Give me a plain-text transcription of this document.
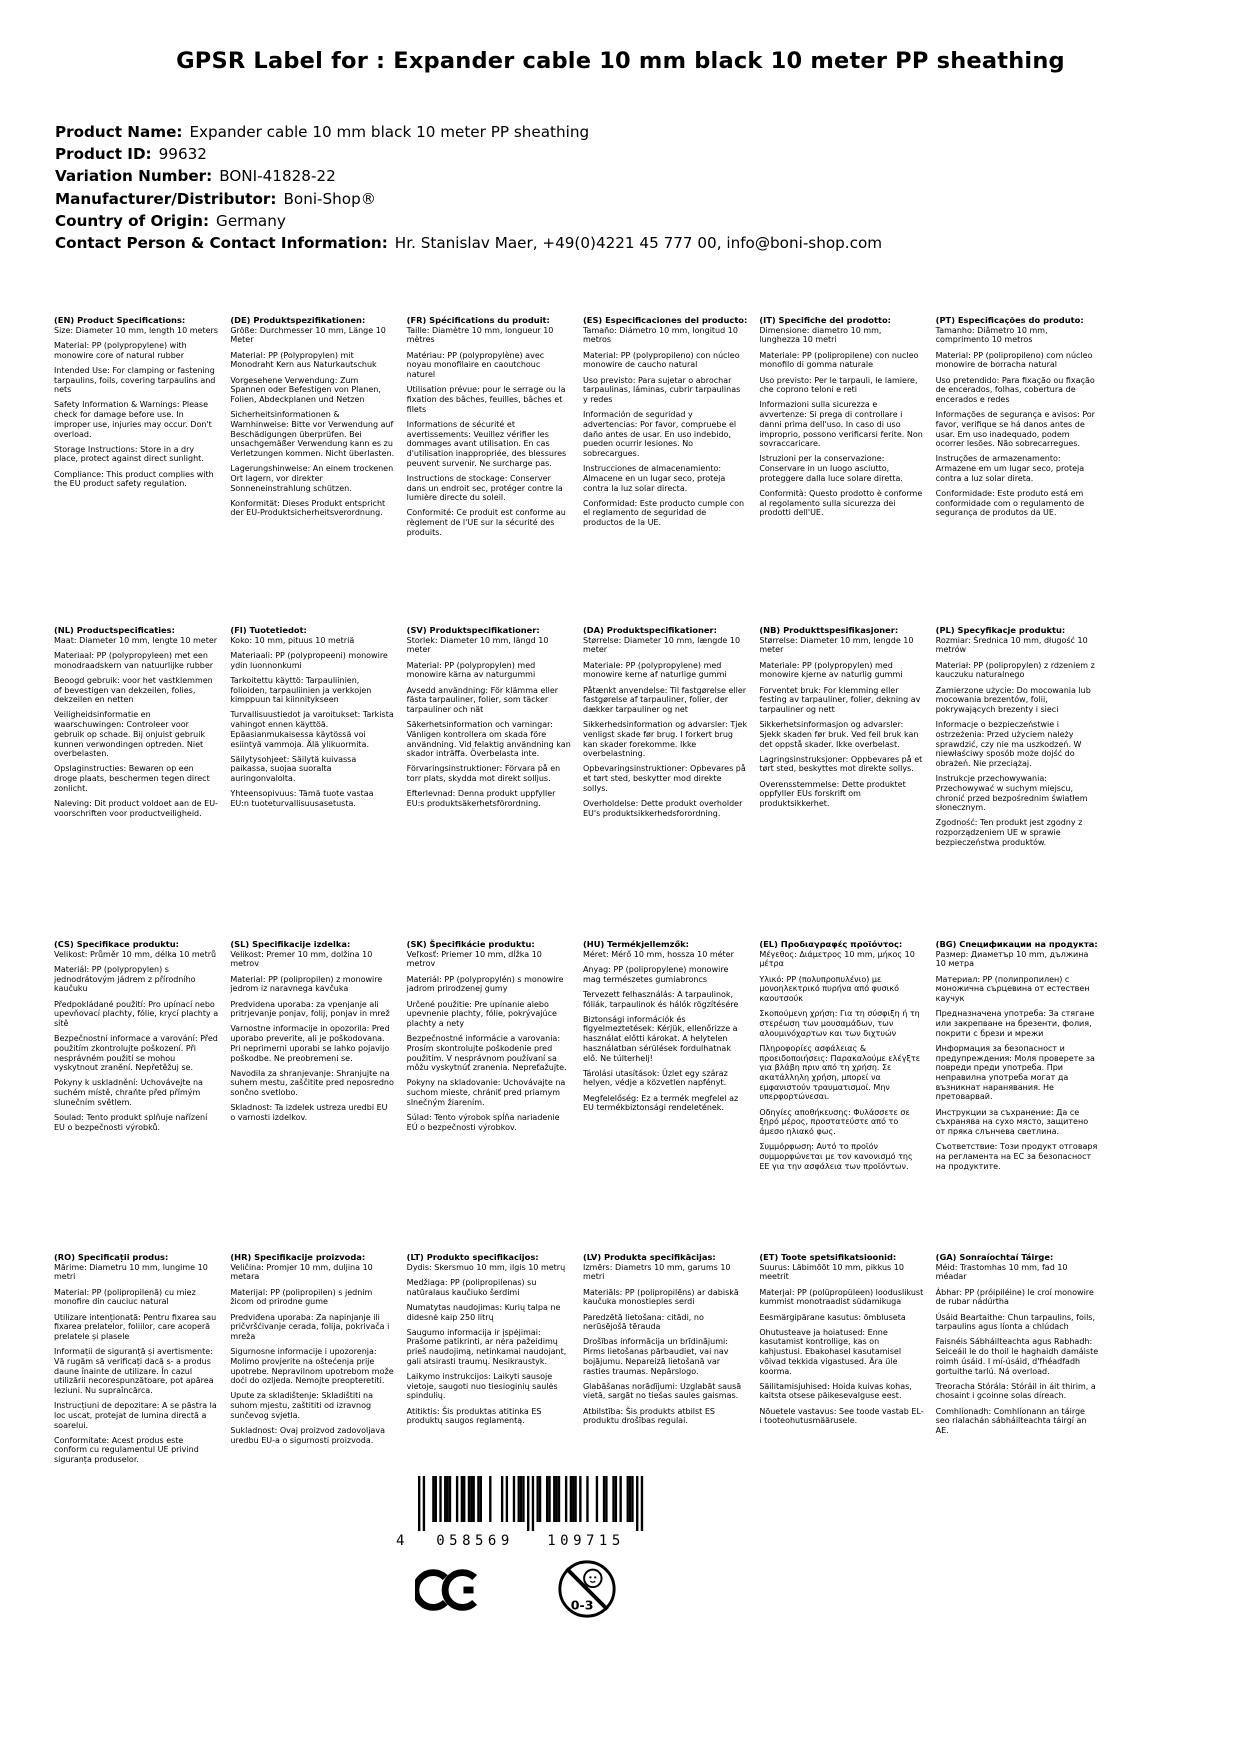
GPSR Label for : Expander cable 10 mm black 10 meter PP sheathing
Product Name: Expander cable 10 mm black 10 meter PP sheathing
Product ID: 99632
Variation Number: BONI-41828-22
Manufacturer/Distributor: Boni-Shop®
Country of Origin: Germany
Contact Person & Contact Information: Hr. Stanislav Maer, +49(0)4221 45 777 00, info@boni-shop.com
(EN) Product Specifications:
Size: Diameter 10 mm, length 10 meters
Material: PP (polypropylene) with monowire core of natural rubber
Intended Use: For clamping or fastening tarpaulins, foils, covering tarpaulins and nets
Safety Information & Warnings: Please check for damage before use. In improper use, injuries may occur. Don't overload.
Storage Instructions: Store in a dry place, protect against direct sunlight.
Compliance: This product complies with the EU product safety regulation.
(DE) Produktspezifikationen:
Größe: Durchmesser 10 mm, Länge 10 Meter
Material: PP (Polypropylen) mit Monodraht Kern aus Naturkautschuk
Vorgesehene Verwendung: Zum Spannen oder Befestigen von Planen, Folien, Abdeckplanen und Netzen
Sicherheitsinformationen & Warnhinweise: Bitte vor Verwendung auf Beschädigungen überprüfen. Bei unsachgemäßer Verwendung kann es zu Verletzungen kommen. Nicht überlasten.
Lagerungshinweise: An einem trockenen Ort lagern, vor direkter Sonneneinstrahlung schützen.
Konformität: Dieses Produkt entspricht der EU-Produktsicherheitsverordnung.
(FR) Spécifications du produit:
Taille: Diamètre 10 mm, longueur 10 mètres
Matériau: PP (polypropylène) avec noyau monofilaire en caoutchouc naturel
Utilisation prévue: pour le serrage ou la fixation des bâches, feuilles, bâches et filets
Informations de sécurité et avertissements: Veuillez vérifier les dommages avant utilisation. En cas d'utilisation inappropriée, des blessures peuvent survenir. Ne surcharge pas.
Instructions de stockage: Conserver dans un endroit sec, protéger contre la lumière directe du soleil.
Conformité: Ce produit est conforme au règlement de l'UE sur la sécurité des produits.
(ES) Especificaciones del producto:
Tamaño: Diámetro 10 mm, longitud 10 metros
Material: PP (polypropileno) con núcleo monowire de caucho natural
Uso previsto: Para sujetar o abrochar tarpaulinas, láminas, cubrir tarpaulinas y redes
Información de seguridad y advertencias: Por favor, compruebe el daño antes de usar. En uso indebido, pueden ocurrir lesiones. No sobrecargues.
Instrucciones de almacenamiento: Almacene en un lugar seco, proteja contra la luz solar directa.
Conformidad: Este producto cumple con el reglamento de seguridad de productos de la UE.
(IT) Specifiche del prodotto:
Dimensione: diametro 10 mm, lunghezza 10 metri
Materiale: PP (polipropilene) con nucleo monofilo di gomma naturale
Uso previsto: Per le tarpauli, le lamiere, che coprono teloni e reti
Informazioni sulla sicurezza e avvertenze: Si prega di controllare i danni prima dell'uso. In caso di uso improprio, possono verificarsi ferite. Non sovraccaricare.
Istruzioni per la conservazione: Conservare in un luogo asciutto, proteggere dalla luce solare diretta.
Conformità: Questo prodotto è conforme al regolamento sulla sicurezza dei prodotti dell'UE.
(PT) Especificações do produto:
Tamanho: Diâmetro 10 mm, comprimento 10 metros
Material: PP (polipropileno) com núcleo monowire de borracha natural
Uso pretendido: Para fixação ou fixação de encerados, folhas, cobertura de encerados e redes
Informações de segurança e avisos: Por favor, verifique se há danos antes de usar. Em uso inadequado, podem ocorrer lesões. Não sobrecarregues.
Instruções de armazenamento: Armazene em um lugar seco, proteja contra a luz solar direta.
Conformidade: Este produto está em conformidade com o regulamento de segurança de produtos da UE.
(NL) Productspecificaties:
Maat: Diameter 10 mm, lengte 10 meter
Materiaal: PP (polypropyleen) met een monodraadskern van natuurlijke rubber
Beoogd gebruik: voor het vastklemmen of bevestigen van dekzeilen, folies, dekzeilen en netten
Veiligheidsinformatie en waarschuwingen: Controleer voor gebruik op schade. Bij onjuist gebruik kunnen verwondingen optreden. Niet overbelasten.
Opslaginstructies: Bewaren op een droge plaats, beschermen tegen direct zonlicht.
Naleving: Dit product voldoet aan de EU-voorschriften voor productveiligheid.
(FI) Tuotetiedot:
Koko: 10 mm, pituus 10 metriä
Materiaali: PP (polypropeeni) monowire ydin luonnonkumi
Tarkoitettu käyttö: Tarpauliinien, folioiden, tarpauliinien ja verkkojen kimppuun tai kiinnitykseen
Turvallisuustiedot ja varoitukset: Tarkista vahingot ennen käyttöä. Epäasianmukaisessa käytössä voi esiintyä vammoja. Älä ylikuormita.
Säilytysohjeet: Säilytä kuivassa paikassa, suojaa suoralta auringonvalolta.
Yhteensopivuus: Tämä tuote vastaa EU:n tuoteturvallisuusasetusta.
(SV) Produktspecifikationer:
Storlek: Diameter 10 mm, längd 10 meter
Material: PP (polypropylen) med monowire kärna av naturgummi
Avsedd användning: För klämma eller fästa tarpauliner, folier, som täcker tarpauliner och nät
Säkerhetsinformation och varningar: Vänligen kontrollera om skada före användning. Vid felaktig användning kan skador inträffa. Överbelasta inte.
Förvaringsinstruktioner: Förvara på en torr plats, skydda mot direkt solljus.
Efterlevnad: Denna produkt uppfyller EU:s produktsäkerhetsförordning.
(DA) Produktspecifikationer:
Størrelse: Diameter 10 mm, længde 10 meter
Materiale: PP (polypropylene) med monowire kerne af naturlige gummi
Påtænkt anvendelse: Til fastgørelse eller fastgørelse af tarpauliner, folier, der dækker tarpauliner og net
Sikkerhedsinformation og advarsler: Tjek venligst skade før brug. I forkert brug kan skader forekomme. Ikke overbelastning.
Opbevaringsinstruktioner: Opbevares på et tørt sted, beskytter mod direkte sollys.
Overholdelse: Dette produkt overholder EU's produktsikkerhedsforordning.
(NB) Produkttspesifikasjoner:
Størrelse: Diameter 10 mm, lengde 10 meter
Materiale: PP (polypropylen) med monowire kjerne av naturlig gummi
Forventet bruk: For klemming eller festing av tarpauliner, folier, dekning av tarpauliner og nett
Sikkerhetsinformasjon og advarsler: Sjekk skaden før bruk. Ved feil bruk kan det oppstå skader. Ikke overbelast.
Lagringsinstruksjoner: Oppbevares på et tørt sted, beskyttes mot direkte sollys.
Overensstemmelse: Dette produktet oppfyller EUs forskrift om produktsikkerhet.
(PL) Specyfikacje produktu:
Rozmiar: Średnica 10 mm, długość 10 metrów
Materiał: PP (polipropylen) z rdzeniem z kauczuku naturalnego
Zamierzone użycie: Do mocowania lub mocowania brezentów, folii, pokrywających brezenty i sieci
Informacje o bezpieczeństwie i ostrzeżenia: Przed użyciem należy sprawdzić, czy nie ma uszkodzeń. W niewłaściwy sposób może dojść do obrażeń. Nie przeciążaj.
Instrukcje przechowywania: Przechowywać w suchym miejscu, chronić przed bezpośrednim światłem słonecznym.
Zgodność: Ten produkt jest zgodny z rozporządzeniem UE w sprawie bezpieczeństwa produktów.
(CS) Specifikace produktu:
Velikost: Průměr 10 mm, délka 10 metrů
Materiál: PP (polypropylen) s jednodrátovým jádrem z přírodního kaučuku
Předpokládané použití: Pro upínací nebo upevňovací plachty, fólie, krycí plachty a sítě
Bezpečnostní informace a varování: Před použitím zkontrolujte poškození. Při nesprávném použití se mohou vyskytnout zranění. Nepřetěžuj se.
Pokyny k uskladnění: Uchovávejte na suchém místě, chraňte před přímým slunečním světlem.
Soulad: Tento produkt splňuje nařízení EU o bezpečnosti výrobků.
(SL) Specifikacije izdelka:
Velikost: Premer 10 mm, dolžina 10 metrov
Material: PP (polipropilen) z monowire jedrom iz naravnega kavčuka
Predvidena uporaba: za vpenjanje ali pritrjevanje ponjav, folij, ponjav in mrež
Varnostne informacije in opozorila: Pred uporabo preverite, ali je poškodovana. Pri neprimerni uporabi se lahko pojavijo poškodbe. Ne preobremeni se.
Navodila za shranjevanje: Shranjujte na suhem mestu, zaščitite pred neposredno sončno svetlobo.
Skladnost: Ta izdelek ustreza uredbi EU o varnosti izdelkov.
(SK) Špecifikácie produktu:
Veľkosť: Priemer 10 mm, dĺžka 10 metrov
Materiál: PP (polypropylén) s monowire jadrom prirodzenej gumy
Určené použitie: Pre upínanie alebo upevnenie plachty, fólie, pokrývajúce plachty a nety
Bezpečnostné informácie a varovania: Prosím skontrolujte poškodenie pred použitím. V nesprávnom používaní sa môžu vyskytnúť zranenia. Nepreťažujte.
Pokyny na skladovanie: Uchovávajte na suchom mieste, chrániť pred priamym slnečným žiarením.
Súlad: Tento výrobok spĺňa nariadenie EÚ o bezpečnosti výrobkov.
(HU) Termékjellemzők:
Méret: Mérő 10 mm, hossza 10 méter
Anyag: PP (polipropylene) monowire mag természetes gumiabroncs
Tervezett felhasználás: A tarpaulinok, fóliák, tarpaulinok és hálók rögzítésére
Biztonsági információk és figyelmeztetések: Kérjük, ellenőrizze a használat előtti károkat. A helytelen használatban sérülések fordulhatnak elő. Ne túlterhelj!
Tárolási utasítások: Üzlet egy száraz helyen, védje a közvetlen napfényt.
Megfelelőség: Ez a termék megfelel az EU termékbiztonsági rendeletének.
(EL) Προδιαγραφές προϊόντος:
Μέγεθος: Διάμετρος 10 mm, μήκος 10 μέτρα
Υλικό: PP (πολυπροπυλένιο) με μονοηλεκτρικό πυρήνα από φυσικό καουτσούκ
Σκοπούμενη χρήση: Για τη σύσφιξη ή τη στερέωση των μουσαμάδων, των αλουμινόχαρτων και των διχτυών
Πληροφορίες ασφάλειας & προειδοποιήσεις: Παρακαλούμε ελέγξτε για βλάβη πριν από τη χρήση. Σε ακατάλληλη χρήση, μπορεί να εμφανιστούν τραυματισμοί. Μην υπερφορτώνεσαι.
Οδηγίες αποθήκευσης: Φυλάσσετε σε ξηρό μέρος, προστατεύστε από το άμεσο ηλιακό φως.
Συμμόρφωση: Αυτό το προϊόν συμμορφώνεται με τον κανονισμό της ΕΕ για την ασφάλεια των προϊόντων.
(BG) Спецификации на продукта:
Размер: Диаметър 10 mm, дължина 10 метра
Материал: PP (полипропилен) с моножична сърцевина от естествен каучук
Предназначена употреба: За стягане или закрепване на брезенти, фолия, покрити с брези и мрежи
Информация за безопасност и предупреждения: Моля проверете за повреди преди употреба. При неправилна употреба могат да възникнат наранявания. Не претоварвай.
Инструкции за съхранение: Да се съхранява на сухо място, защитено от пряка слънчева светлина.
Съответствие: Този продукт отговаря на регламента на ЕС за безопасност на продуктите.
(RO) Specificații produs:
Mărime: Diametru 10 mm, lungime 10 metri
Material: PP (polipropilenă) cu miez monofire din cauciuc natural
Utilizare intenționată: Pentru fixarea sau fixarea prelatelor, foliilor, care acoperă prelatele și plasele
Informații de siguranță și avertismente: Vă rugăm să verificați dacă s- a produs daune înainte de utilizare. În cazul utilizării necorespunzătoare, pot apărea leziuni. Nu supraîncărca.
Instrucțiuni de depozitare: A se păstra la loc uscat, protejat de lumina directă a soarelui.
Conformitate: Acest produs este conform cu regulamentul UE privind siguranța produselor.
(HR) Specifikacije proizvoda:
Veličina: Promjer 10 mm, duljina 10 metara
Materijal: PP (polipropilen) s jednim žicom od prirodne gume
Predviđena uporaba: Za napinjanje ili pričvršćivanje cerada, folija, pokrivača i mreža
Sigurnosne informacije i upozorenja: Molimo provjerite na oštećenja prije upotrebe. Nepravilnom upotrebom može doći do ozljeda. Nemojte preopteretiti.
Upute za skladištenje: Skladištiti na suhom mjestu, zaštititi od izravnog sunčevog svjetla.
Sukladnost: Ovaj proizvod zadovoljava uredbu EU-a o sigurnosti proizvoda.
(LT) Produkto specifikacijos:
Dydis: Skersmuo 10 mm, ilgis 10 metrų
Medžiaga: PP (polipropilenas) su natūralaus kaučiuko šerdimi
Numatytas naudojimas: Kurių talpa ne didesnė kaip 250 litrų
Saugumo informacija ir įspėjimai: Prašome patikrinti, ar nėra pažeidimų prieš naudojimą, netinkamai naudojant, gali atsirasti traumų. Nesikraustyk.
Laikymo instrukcijos: Laikyti sausoje vietoje, saugoti nuo tiesioginių saulės spindulių.
Atitiktis: Šis produktas atitinka ES produktų saugos reglamentą.
(LV) Produkta specifikācijas:
Izmērs: Diametrs 10 mm, garums 10 metri
Materiāls: PP (polipropilēns) ar dabiskā kaučuka monostieples serdi
Paredzētā lietošana: citādi, no nerūsējošā tērauda
Drošības informācija un brīdinājumi: Pirms lietošanas pārbaudiet, vai nav bojājumu. Nepareizā lietošanā var rasties traumas. Nepārslogo.
Glabāšanas norādījumi: Uzglabāt sausā vietā, sargāt no tiešas saules gaismas.
Atbilstība: Šis produkts atbilst ES produktu drošības regulai.
(ET) Toote spetsifikatsioonid:
Suurus: Läbimõõt 10 mm, pikkus 10 meetrit
Materjal: PP (polüpropüleen) looduslikust kummist monotraadist südamikuga
Eesmärgipärane kasutus: õmbluseta
Ohutusteave ja hoiatused: Enne kasutamist kontrollige, kas on kahjustusi. Ebakohasel kasutamisel võivad tekkida vigastused. Ära üle koorma.
Säilitamisjuhised: Hoida kuivas kohas, kaitsta otsese päikesevalguse eest.
Nõuetele vastavus: See toode vastab EL-i tooteohutusmäärusele.
(GA) Sonraíochtaí Táirge:
Méid: Trastomhas 10 mm, fad 10 méadar
Ábhar: PP (próipiléine) le croí monowire de rubar nádúrtha
Úsáid Beartaithe: Chun tarpaulins, foils, tarpaulins agus líonta a chlúdach
Faisnéis Sábháilteachta agus Rabhadh: Seiceáil le do thoil le haghaidh damáiste roimh úsáid. I mí-úsáid, d'fhéadfadh gortuithe tarlú. Ná overload.
Treoracha Stórála: Stóráil in áit thirim, a chosaint i gcoinne solas díreach.
Comhlíonadh: Comhlíonann an táirge seo rialachán sábháilteachta táirgí an AE.
4 058569 109715
0-3
